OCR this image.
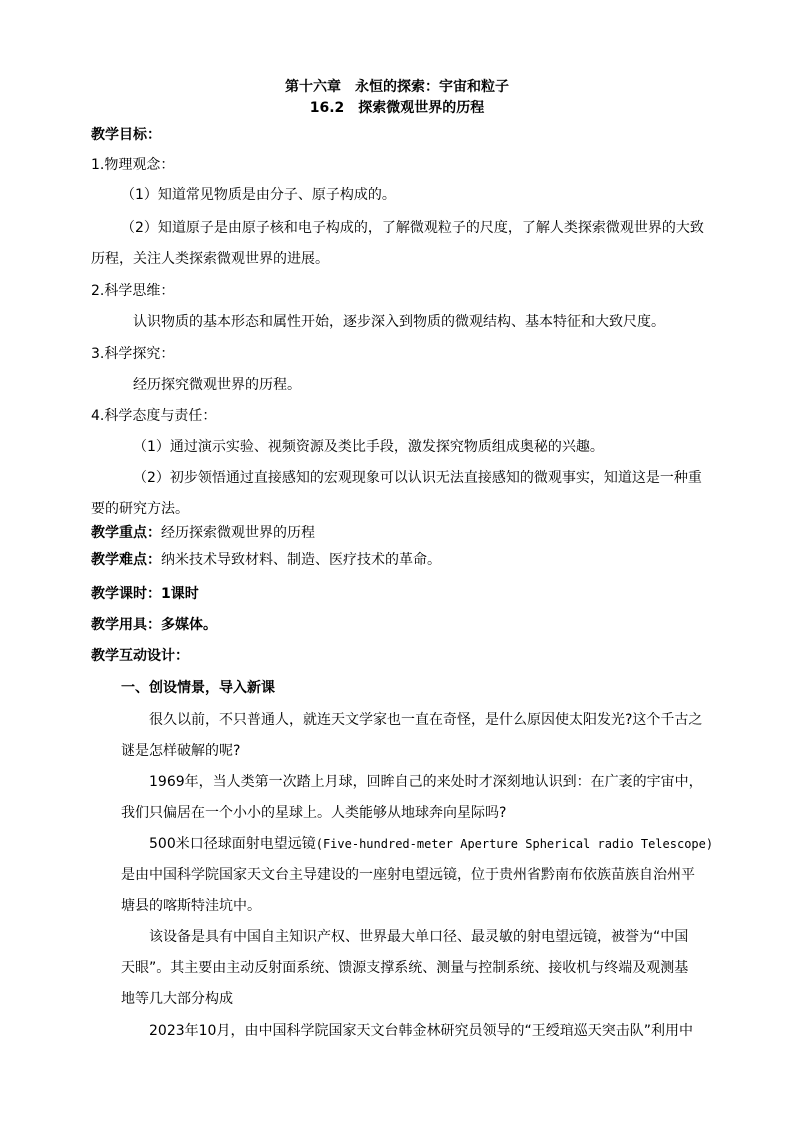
第十六章　永恒的探索：宇宙和粒子
16.2　探索微观世界的历程
教学目标：
1.物理观念：
（1）知道常见物质是由分子、原子构成的。
（2）知道原子是由原子核和电子构成的，了解微观粒子的尺度，了解人类探索微观世界的大致
历程，关注人类探索微观世界的进展。
2.科学思维：
认识物质的基本形态和属性开始，逐步深入到物质的微观结构、基本特征和大致尺度。
3.科学探究：
经历探究微观世界的历程。
4.科学态度与责任：
（1）通过演示实验、视频资源及类比手段，激发探究物质组成奥秘的兴趣。
（2）初步领悟通过直接感知的宏观现象可以认识无法直接感知的微观事实，知道这是一种重
要的研究方法。
教学重点：经历探索微观世界的历程
教学难点：纳米技术导致材料、制造、医疗技术的革命。
教学课时：1课时
教学用具：多媒体。
教学互动设计：
一、创设情景，导入新课
很久以前，不只普通人，就连天文学家也一直在奇怪，是什么原因使太阳发光?这个千古之
谜是怎样破解的呢?
1969年，当人类第一次踏上月球，回眸自己的来处时才深刻地认识到：在广袤的宇宙中，
我们只偏居在一个小小的星球上。人类能够从地球奔向星际吗?
500米口径球面射电望远镜(Five-hundred-meter Aperture Spherical radio Telescope)
是由中国科学院国家天文台主导建设的一座射电望远镜，位于贵州省黔南布依族苗族自治州平
塘县的喀斯特洼坑中。
该设备是具有中国自主知识产权、世界最大单口径、最灵敏的射电望远镜，被誉为“中国
天眼”。其主要由主动反射面系统、馈源支撑系统、测量与控制系统、接收机与终端及观测基
地等几大部分构成
2023年10月，由中国科学院国家天文台韩金林研究员领导的“王绶琯巡天突击队”利用中
